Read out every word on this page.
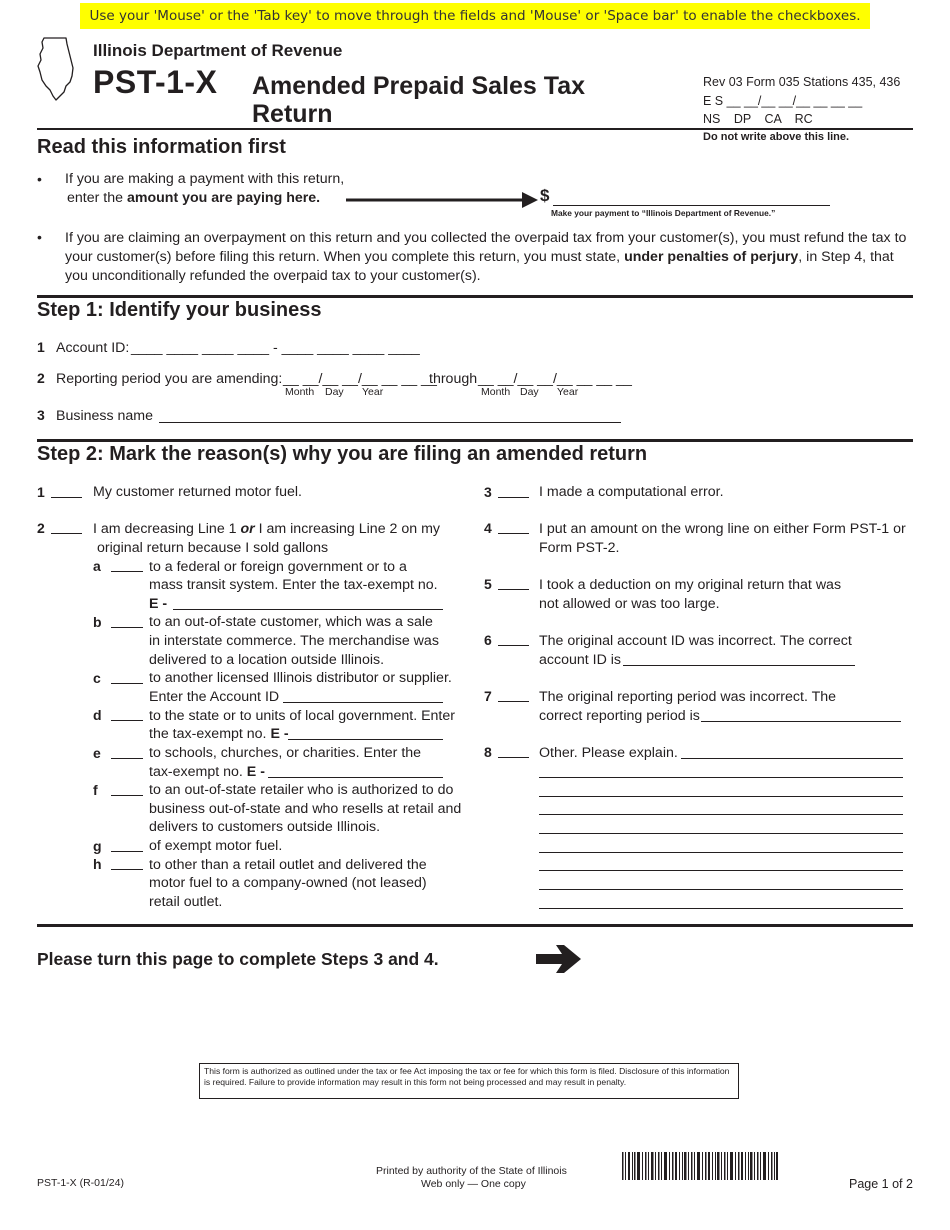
Use your 'Mouse' or the 'Tab key' to move through the fields and 'Mouse' or 'Space bar' to enable the checkboxes.
Illinois Department of Revenue
PST-1-X Amended Prepaid Sales Tax Return
Rev 03 Form 035 Stations 435, 436
E S __ __/__ __/__ __ __ __
NS DP CA RC
Do not write above this line.
Read this information first
• If you are making a payment with this return,
enter the amount you are paying here.	$
Make your payment to “Illinois Department of Revenue.”
• If you are claiming an overpayment on this return and you collected the overpaid tax from your customer(s), you must refund the tax to your customer(s) before filing this return. When you complete this return, you must state, under penalties of perjury, in Step 4, that you unconditionally refunded the overpaid tax to your customer(s).
Step 1: Identify your business
1 Account ID: ____ ____ ____ ____ - ____ ____ ____ ____
2 Reporting period you are amending: __ __/__ __/__ __ __ __
through __ __/__ __/__ __ __ __
Month Day Year	Month Day Year
3 Business name
Step 2: Mark the reason(s) why you are filing an amended return
1	My customer returned motor fuel.
2	I am decreasing Line 1 or I am increasing Line 2 on my
original return because I sold gallons
a	to a federal or foreign government or to a
mass transit system. Enter the tax-exempt no.
E -
b	to an out-of-state customer, which was a sale
in interstate commerce. The merchandise was
delivered to a location outside Illinois.
c	to another licensed Illinois distributor or supplier.
Enter the Account ID
d	to the state or to units of local government. Enter
the tax-exempt no. E -
e	to schools, churches, or charities. Enter the
tax-exempt no. E -
f	to an out-of-state retailer who is authorized to do
business out-of-state and who resells at retail and
delivers to customers outside Illinois.
g	of exempt motor fuel.
h	to other than a retail outlet and delivered the
motor fuel to a company-owned (not leased)
retail outlet.
3	I made a computational error.
4	I put an amount on the wrong line on either Form PST-1 or
Form PST-2.
5	I took a deduction on my original return that was
not allowed or was too large.
6	The original account ID was incorrect. The correct
account ID is
7	The original reporting period was incorrect. The
correct reporting period is
8	Other. Please explain.
Please turn this page to complete Steps 3 and 4.
This form is authorized as outlined under the tax or fee Act imposing the tax or fee for which this form is filed. Disclosure of this information is required. Failure to provide information may result in this form not being processed and may result in penalty.
PST-1-X (R-01/24)
Printed by authority of the State of Illinois
Web only — One copy	Page 1 of 2
